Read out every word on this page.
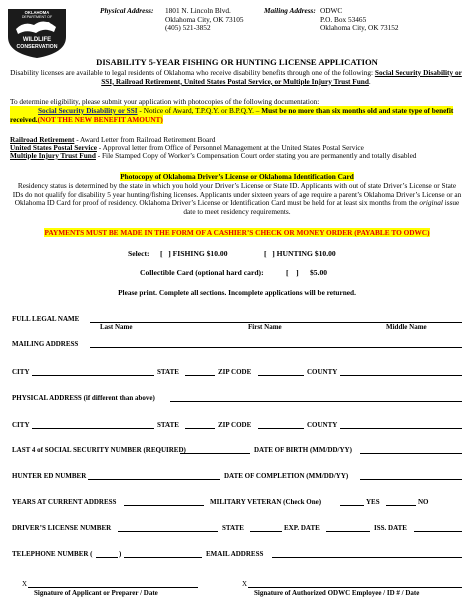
OKLAHOMA
DEPARTMENT OF
WILDLIFE
CONSERVATION
Physical Address: 1801 N. Lincoln Blvd.
Oklahoma City, OK 73105
(405) 521-3852
Mailing Address: ODWC
P.O. Box 53465
Oklahoma City, OK 73152
DISABILITY 5-YEAR FISHING OR HUNTING LICENSE APPLICATION
Disability licenses are available to legal residents of Oklahoma who receive disability benefits through one of the following: Social Security Disability or SSI, Railroad Retirement, United States Postal Service, or Multiple Injury Trust Fund.
To determine eligibility, please submit your application with photocopies of the following documentation:
Social Security Disability or SSI - Notice of Award, T.P.Q.Y. or B.P.Q.Y. – Must be no more than six months old and state type of benefit received.(NOT THE NEW BENEFIT AMOUNT)
Railroad Retirement - Award Letter from Railroad Retirement Board
United States Postal Service - Approval letter from Office of Personnel Management at the United States Postal Service
Multiple Injury Trust Fund - File Stamped Copy of Worker’s Compensation Court order stating you are permanently and totally disabled
Photocopy of Oklahoma Driver’s License or Oklahoma Identification Card
Residency status is determined by the state in which you hold your Driver’s License or State ID. Applicants with out of state Driver’s License or State IDs do not qualify for disability 5 year hunting/fishing licenses. Applicants under sixteen years of age require a parent’s Oklahoma Driver’s License or an Oklahoma ID Card for proof of residency. Oklahoma Driver’s License or Identification Card must be held for at least six months from the original issue date to meet residency requirements.
PAYMENTS MUST BE MADE IN THE FORM OF A CASHIER’S CHECK OR MONEY ORDER (PAYABLE TO ODWC)
Select: [   ] FISHING $10.00	[   ] HUNTING $10.00
Collectible Card (optional hard card):	[    ] $5.00
Please print. Complete all sections. Incomplete applications will be returned.
FULL LEGAL NAME
Last Name	First Name	Middle Name
MAILING ADDRESS
CITY	STATE	ZIP CODE	COUNTY
PHYSICAL ADDRESS (if different than above)
CITY	STATE	ZIP CODE	COUNTY
LAST 4 of SOCIAL SECURITY NUMBER (REQUIRED)	DATE OF BIRTH (MM/DD/YY)
HUNTER ED NUMBER	DATE OF COMPLETION (MM/DD/YY)
YEARS AT CURRENT ADDRESS	MILITARY VETERAN (Check One)	YES	NO
DRIVER’S LICENSE NUMBER	STATE	EXP. DATE	ISS. DATE
TELEPHONE NUMBER (	)	EMAIL ADDRESS
X
Signature of Applicant or Preparer / Date
X
Signature of Authorized ODWC Employee / ID # / Date
